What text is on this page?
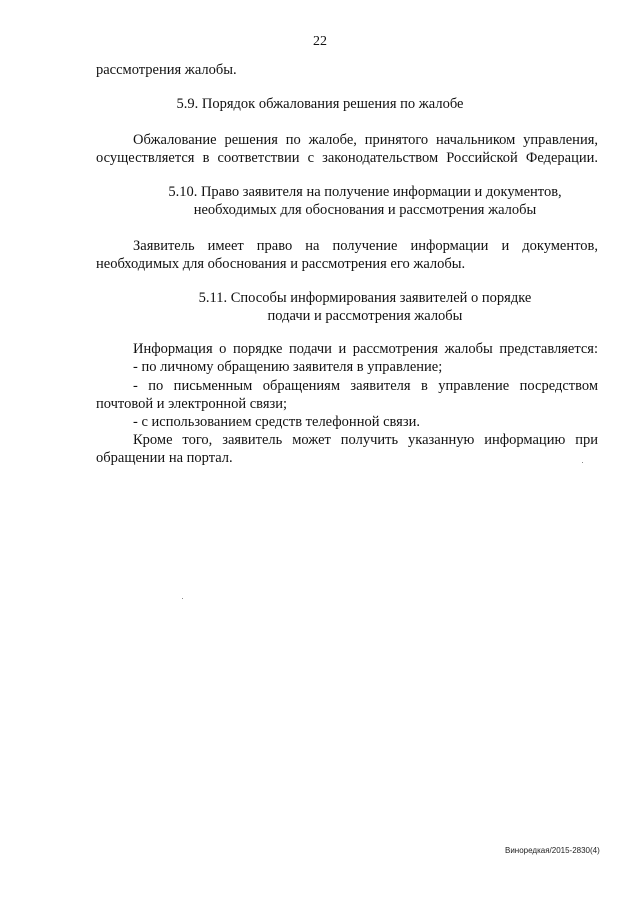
22
рассмотрения жалобы.
5.9. Порядок обжалования решения по жалобе
Обжалование решения по жалобе, принятого начальником управления,
осуществляется в соответствии с законодательством Российской Федерации.
5.10. Право заявителя на получение информации и документов,
необходимых для обоснования и рассмотрения жалобы
Заявитель имеет право на получение информации и документов,
необходимых для обоснования и рассмотрения его жалобы.
5.11. Способы информирования заявителей о порядке
подачи и рассмотрения жалобы
Информация о порядке подачи и рассмотрения жалобы представляется:
- по личному обращению заявителя в управление;
- по письменным обращениям заявителя в управление посредством
почтовой и электронной связи;
- с использованием средств телефонной связи.
Кроме того, заявитель может получить указанную информацию при
обращении на портал.
Виноредкая/2015-2830(4)
